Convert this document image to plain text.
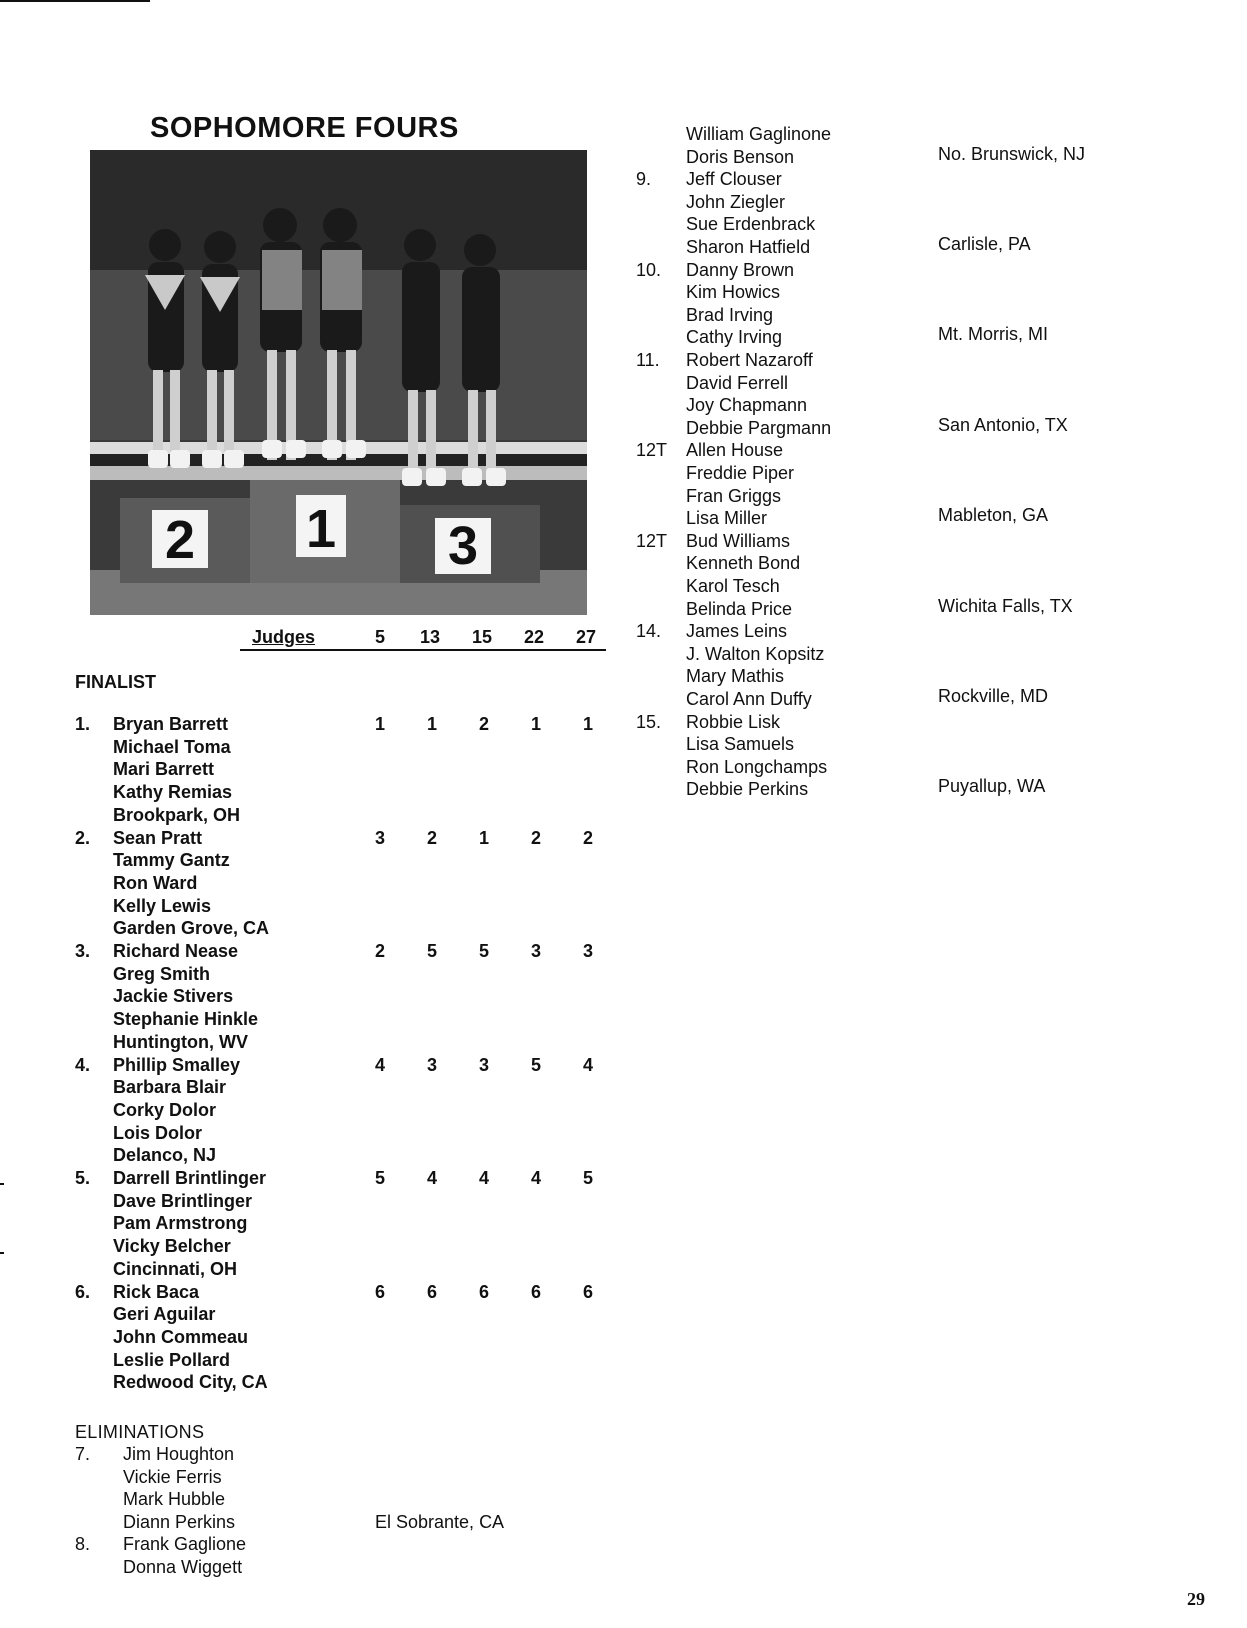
SOPHOMORE FOURS
2 1 3
Judges	5 13 15 22 27
FINALIST
1. Bryan Barrett
Michael Toma
Mari Barrett
Kathy Remias
Brookpark, OH
1 1 2 1 1
2. Sean Pratt
Tammy Gantz
Ron Ward
Kelly Lewis
Garden Grove, CA
3 2 1 2 2
3. Richard Nease
Greg Smith
Jackie Stivers
Stephanie Hinkle
Huntington, WV
2 5 5 3 3
4. Phillip Smalley
Barbara Blair
Corky Dolor
Lois Dolor
Delanco, NJ
4 3 3 5 4
5. Darrell Brintlinger
Dave Brintlinger
Pam Armstrong
Vicky Belcher
Cincinnati, OH
5 4 4 4 5
6. Rick Baca
Geri Aguilar
John Commeau
Leslie Pollard
Redwood City, CA
6 6 6 6 6
ELIMINATIONS
7. Jim Houghton
Vickie Ferris
Mark Hubble
Diann Perkins	El Sobrante, CA
8. Frank Gaglione
Donna Wiggett
William Gaglinone
Doris Benson	No. Brunswick, NJ
9. Jeff Clouser
John Ziegler
Sue Erdenbrack
Sharon Hatfield	Carlisle, PA
10. Danny Brown
Kim Howics
Brad Irving
Cathy Irving	Mt. Morris, MI
11. Robert Nazaroff
David Ferrell
Joy Chapmann
Debbie Pargmann	San Antonio, TX
12T Allen House
Freddie Piper
Fran Griggs
Lisa Miller	Mableton, GA
12T Bud Williams
Kenneth Bond
Karol Tesch
Belinda Price	Wichita Falls, TX
14. James Leins
J. Walton Kopsitz
Mary Mathis
Carol Ann Duffy	Rockville, MD
15. Robbie Lisk
Lisa Samuels
Ron Longchamps
Debbie Perkins	Puyallup, WA
29
